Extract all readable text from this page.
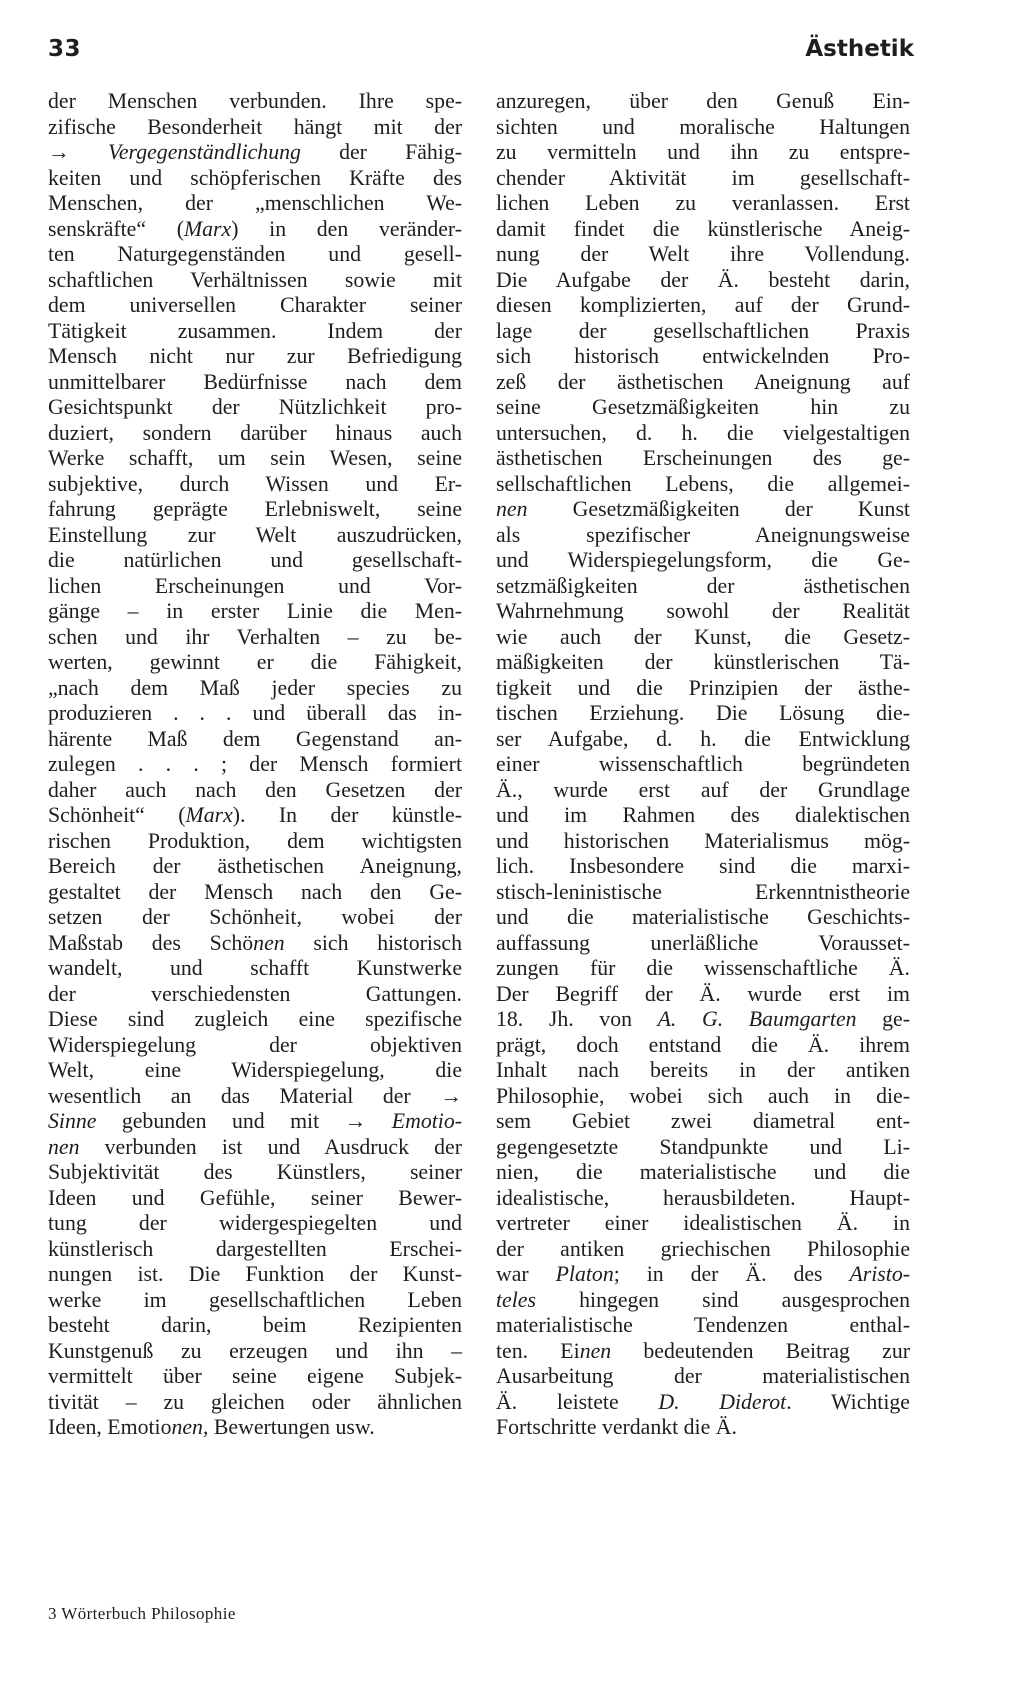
33	Ästhetik
der Menschen verbunden. Ihre spe-
zifische Besonderheit hängt mit der
→ Vergegenständlichung der Fähig-
keiten und schöpferischen Kräfte des
Menschen, der „menschlichen We-
senskräfte“ (Marx) in den veränder-
ten Naturgegenständen und gesell-
schaftlichen Verhältnissen sowie mit
dem universellen Charakter seiner
Tätigkeit zusammen. Indem der
Mensch nicht nur zur Befriedigung
unmittelbarer Bedürfnisse nach dem
Gesichtspunkt der Nützlichkeit pro-
duziert, sondern darüber hinaus auch
Werke schafft, um sein Wesen, seine
subjektive, durch Wissen und Er-
fahrung geprägte Erlebniswelt, seine
Einstellung zur Welt auszudrücken,
die natürlichen und gesellschaft-
lichen Erscheinungen und Vor-
gänge – in erster Linie die Men-
schen und ihr Verhalten – zu be-
werten, gewinnt er die Fähigkeit,
„nach dem Maß jeder species zu
produzieren . . . und überall das in-
härente Maß dem Gegenstand an-
zulegen . . . ; der Mensch formiert
daher auch nach den Gesetzen der
Schönheit“ (Marx). In der künstle-
rischen Produktion, dem wichtigsten
Bereich der ästhetischen Aneignung,
gestaltet der Mensch nach den Ge-
setzen der Schönheit, wobei der
Maßstab des Schönen sich historisch
wandelt, und schafft Kunstwerke
der verschiedensten Gattungen.
Diese sind zugleich eine spezifische
Widerspiegelung der objektiven
Welt, eine Widerspiegelung, die
wesentlich an das Material der →
Sinne gebunden und mit → Emotio-
nen verbunden ist und Ausdruck der
Subjektivität des Künstlers, seiner
Ideen und Gefühle, seiner Bewer-
tung der widergespiegelten und
künstlerisch dargestellten Erschei-
nungen ist. Die Funktion der Kunst-
werke im gesellschaftlichen Leben
besteht darin, beim Rezipienten
Kunstgenuß zu erzeugen und ihn –
vermittelt über seine eigene Subjek-
tivität – zu gleichen oder ähnlichen
Ideen, Emotionen, Bewertungen usw.
anzuregen, über den Genuß Ein-
sichten und moralische Haltungen
zu vermitteln und ihn zu entspre-
chender Aktivität im gesellschaft-
lichen Leben zu veranlassen. Erst
damit findet die künstlerische Aneig-
nung der Welt ihre Vollendung.
Die Aufgabe der Ä. besteht darin,
diesen komplizierten, auf der Grund-
lage der gesellschaftlichen Praxis
sich historisch entwickelnden Pro-
zeß der ästhetischen Aneignung auf
seine Gesetzmäßigkeiten hin zu
untersuchen, d. h. die vielgestaltigen
ästhetischen Erscheinungen des ge-
sellschaftlichen Lebens, die allgemei-
nen Gesetzmäßigkeiten der Kunst
als spezifischer Aneignungsweise
und Widerspiegelungsform, die Ge-
setzmäßigkeiten der ästhetischen
Wahrnehmung sowohl der Realität
wie auch der Kunst, die Gesetz-
mäßigkeiten der künstlerischen Tä-
tigkeit und die Prinzipien der ästhe-
tischen Erziehung. Die Lösung die-
ser Aufgabe, d. h. die Entwicklung
einer wissenschaftlich begründeten
Ä., wurde erst auf der Grundlage
und im Rahmen des dialektischen
und historischen Materialismus mög-
lich. Insbesondere sind die marxi-
stisch-leninistische Erkenntnistheorie
und die materialistische Geschichts-
auffassung unerläßliche Vorausset-
zungen für die wissenschaftliche Ä.
Der Begriff der Ä. wurde erst im
18. Jh. von A. G. Baumgarten ge-
prägt, doch entstand die Ä. ihrem
Inhalt nach bereits in der antiken
Philosophie, wobei sich auch in die-
sem Gebiet zwei diametral ent-
gegengesetzte Standpunkte und Li-
nien, die materialistische und die
idealistische, herausbildeten. Haupt-
vertreter einer idealistischen Ä. in
der antiken griechischen Philosophie
war Platon; in der Ä. des Aristo-
teles hingegen sind ausgesprochen
materialistische Tendenzen enthal-
ten. Einen bedeutenden Beitrag zur
Ausarbeitung der materialistischen
Ä. leistete D. Diderot. Wichtige
Fortschritte verdankt die Ä.
3 Wörterbuch Philosophie
